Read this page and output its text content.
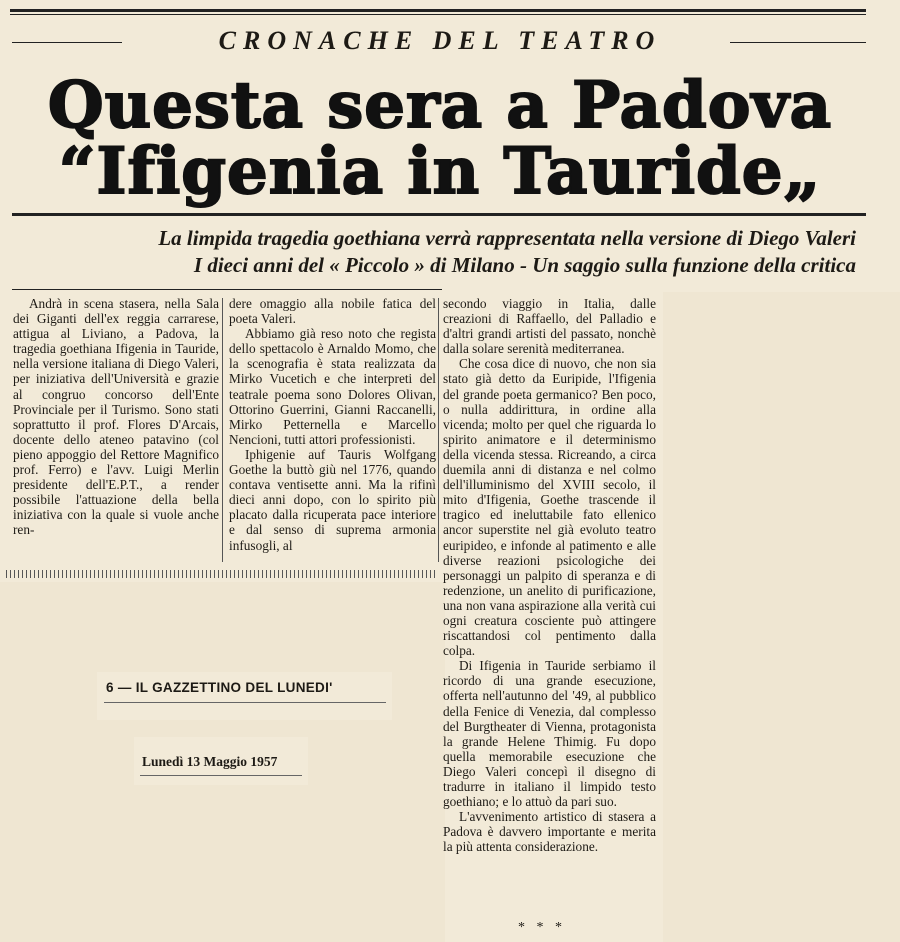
CRONACHE DEL TEATRO
Questa sera a Padova
“Ifigenia in Tauride„
La limpida tragedia goethiana verrà rappresentata nella versione di Diego Valeri
I dieci anni del « Piccolo » di Milano - Un saggio sulla funzione della critica

Andrà in scena stasera, nella Sala dei Giganti dell'ex reggia carrarese, attigua al Liviano, a Padova, la tragedia goethiana Ifigenia in Tauride, nella versione italiana di Diego Valeri, per iniziativa dell'Università e grazie al congruo concorso dell'Ente Provinciale per il Turismo. Sono stati soprattutto il prof. Flores D'Arcais, docente dello ateneo patavino (col pieno appoggio del Rettore Magnifico prof. Ferro) e l'avv. Luigi Merlin presidente dell'E.P.T., a render possibile l'attuazione della bella iniziativa con la quale si vuole anche ren-

dere omaggio alla nobile fatica del poeta Valeri.

Abbiamo già reso noto che regista dello spettacolo è Arnaldo Momo, che la scenografia è stata realizzata da Mirko Vucetich e che interpreti del teatrale poema sono Dolores Olivan, Ottorino Guerrini, Gianni Raccanelli, Mirko Petternella e Marcello Nencioni, tutti attori professionisti.

Iphigenie auf Tauris Wolfgang Goethe la buttò giù nel 1776, quando contava ventisette anni. Ma la rifinì dieci anni dopo, con lo spirito più placato dalla ricuperata pace interiore e dal senso di suprema armonia infusogli, al

secondo viaggio in Italia, dalle creazioni di Raffaello, del Palladio e d'altri grandi artisti del passato, nonchè dalla solare serenità mediterranea.

Che cosa dice di nuovo, che non sia stato già detto da Euripide, l'Ifigenia del grande poeta germanico? Ben poco, o nulla addirittura, in ordine alla vicenda; molto per quel che riguarda lo spirito animatore e il determinismo della vicenda stessa. Ricreando, a circa duemila anni di distanza e nel colmo dell'illuminismo del XVIII secolo, il mito d'Ifigenia, Goethe trascende il tragico ed ineluttabile fato ellenico ancor superstite nel già evoluto teatro euripideo, e infonde al patimento e alle diverse reazioni psicologiche dei personaggi un palpito di speranza e di redenzione, un anelito di purificazione, una non vana aspirazione alla verità cui ogni creatura cosciente può attingere riscattandosi col pentimento dalla colpa.

Di Ifigenia in Tauride serbiamo il ricordo di una grande esecuzione, offerta nell'autunno del '49, al pubblico della Fenice di Venezia, dal complesso del Burgtheater di Vienna, protagonista la grande Helene Thimig. Fu dopo quella memorabile esecuzione che Diego Valeri concepì il disegno di tradurre in italiano il limpido testo goethiano; e lo attuò da pari suo.

L'avvenimento artistico di stasera a Padova è davvero importante e merita la più attenta considerazione.

* * *
6 — IL GAZZETTINO DEL LUNEDI'
Lunedì 13 Maggio 1957
